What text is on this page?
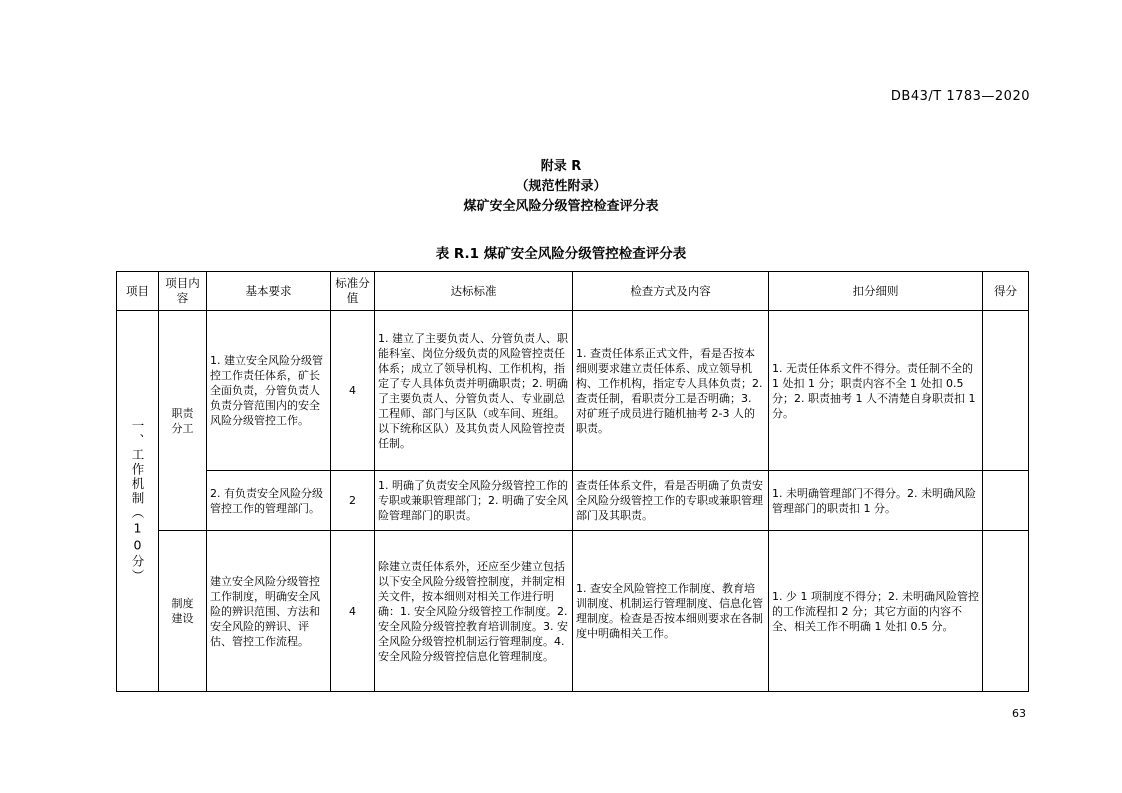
DB43/T 1783—2020
附录 R
（规范性附录）
煤矿安全风险分级管控检查评分表
表 R.1 煤矿安全风险分级管控检查评分表
项目	项目内容	基本要求	标准分值	达标标准	检查方式及内容	扣分细则	得分

一、工作机制（10分）	职责分工	1. 建立安全风险分级管控工作责任体系，矿长全面负责，分管负责人负责分管范围内的安全风险分级管控工作。	4	1. 建立了主要负责人、分管负责人、职能科室、岗位分级负责的风险管控责任体系；成立了领导机构、工作机构，指定了专人具体负责并明确职责；2. 明确了主要负责人、分管负责人、专业副总工程师、部门与区队（或车间、班组。以下统称区队）及其负责人风险管控责任制。	1. 查责任体系正式文件，看是否按本细则要求建立责任体系、成立领导机构、工作机构，指定专人具体负责；2. 查责任制，看职责分工是否明确；3. 对矿班子成员进行随机抽考 2-3 人的职责。	1. 无责任体系文件不得分。责任制不全的 1 处扣 1 分；职责内容不全 1 处扣 0.5 分；2. 职责抽考 1 人不清楚自身职责扣 1 分。	
		2. 有负责安全风险分级管控工作的管理部门。	2	1. 明确了负责安全风险分级管控工作的专职或兼职管理部门；2. 明确了安全风险管理部门的职责。	查责任体系文件，看是否明确了负责安全风险分级管控工作的专职或兼职管理部门及其职责。	1. 未明确管理部门不得分。2. 未明确风险管理部门的职责扣 1 分。	
	制度建设	建立安全风险分级管控工作制度，明确安全风险的辨识范围、方法和安全风险的辨识、评估、管控工作流程。	4	除建立责任体系外，还应至少建立包括以下安全风险分级管控制度，并制定相关文件，按本细则对相关工作进行明确：1. 安全风险分级管控工作制度。2. 安全风险分级管控教育培训制度。3. 安全风险分级管控机制运行管理制度。4. 安全风险分级管控信息化管理制度。	1. 查安全风险管控工作制度、教育培训制度、机制运行管理制度、信息化管理制度。检查是否按本细则要求在各制度中明确相关工作。	1. 少 1 项制度不得分；2. 未明确风险管控的工作流程扣 2 分；其它方面的内容不全、相关工作不明确 1 处扣 0.5 分。	
63
